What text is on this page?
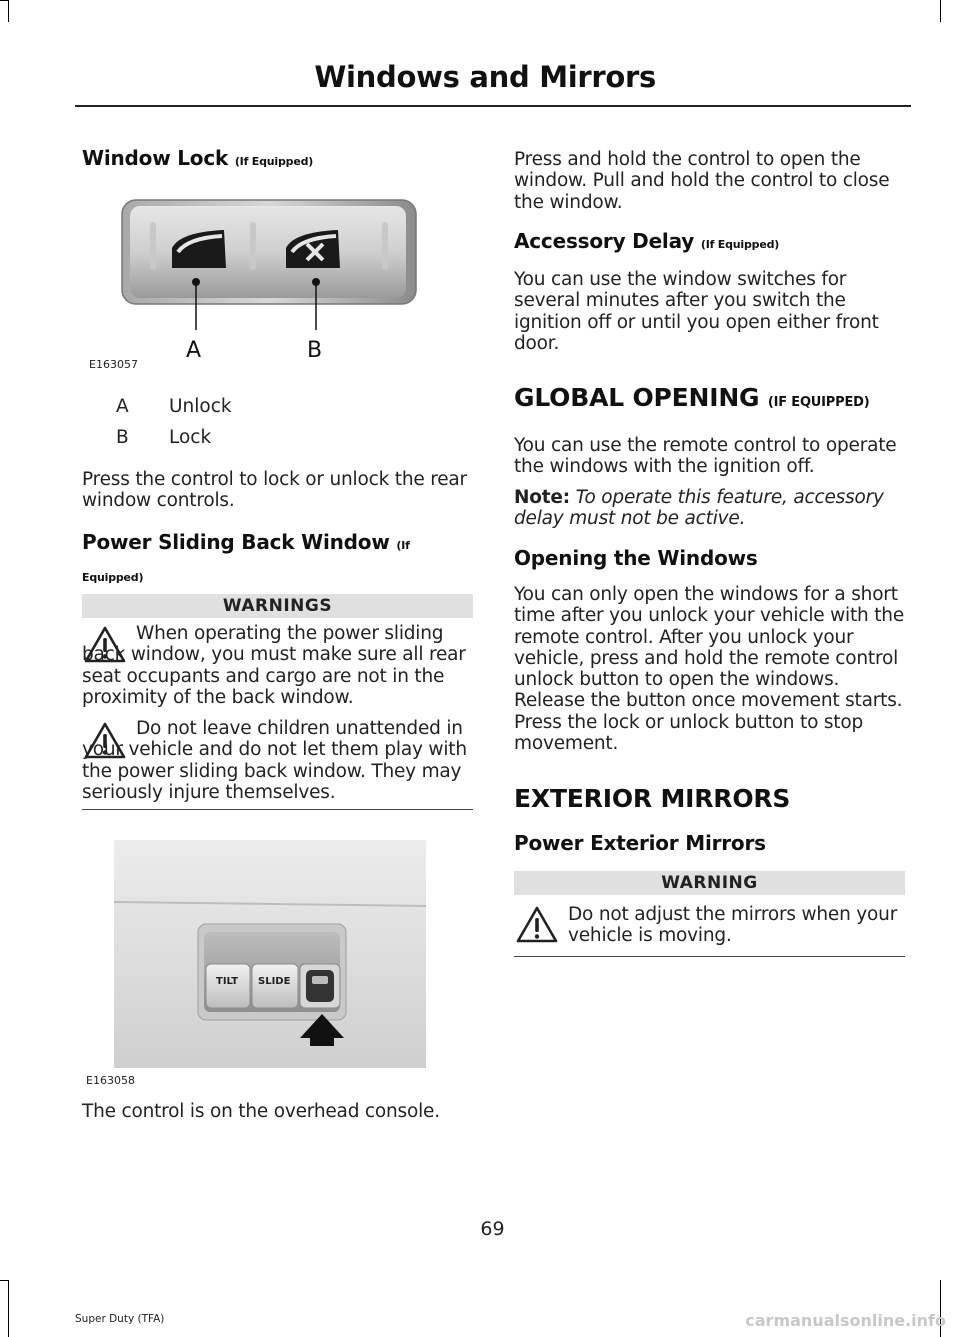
Windows and Mirrors
Window Lock (If Equipped)
A	B
E163057
A Unlock
B Lock
Press the control to lock or unlock the rear window controls.
Power Sliding Back Window (If Equipped)
WARNINGS
When operating the power sliding back window, you must make sure all rear seat occupants and cargo are not in the proximity of the back window.
Do not leave children unattended in your vehicle and do not let them play with the power sliding back window. They may seriously injure themselves.
TILT SLIDE
E163058
The control is on the overhead console.
Press and hold the control to open the window. Pull and hold the control to close the window.
Accessory Delay (If Equipped)
You can use the window switches for several minutes after you switch the ignition off or until you open either front door.
GLOBAL OPENING (IF EQUIPPED)
You can use the remote control to operate the windows with the ignition off.
Note: To operate this feature, accessory delay must not be active.
Opening the Windows
You can only open the windows for a short time after you unlock your vehicle with the remote control. After you unlock your vehicle, press and hold the remote control unlock button to open the windows. Release the button once movement starts. Press the lock or unlock button to stop movement.
EXTERIOR MIRRORS
Power Exterior Mirrors
WARNING
Do not adjust the mirrors when your vehicle is moving.
69
Super Duty (TFA)	carmanualsonline.info
